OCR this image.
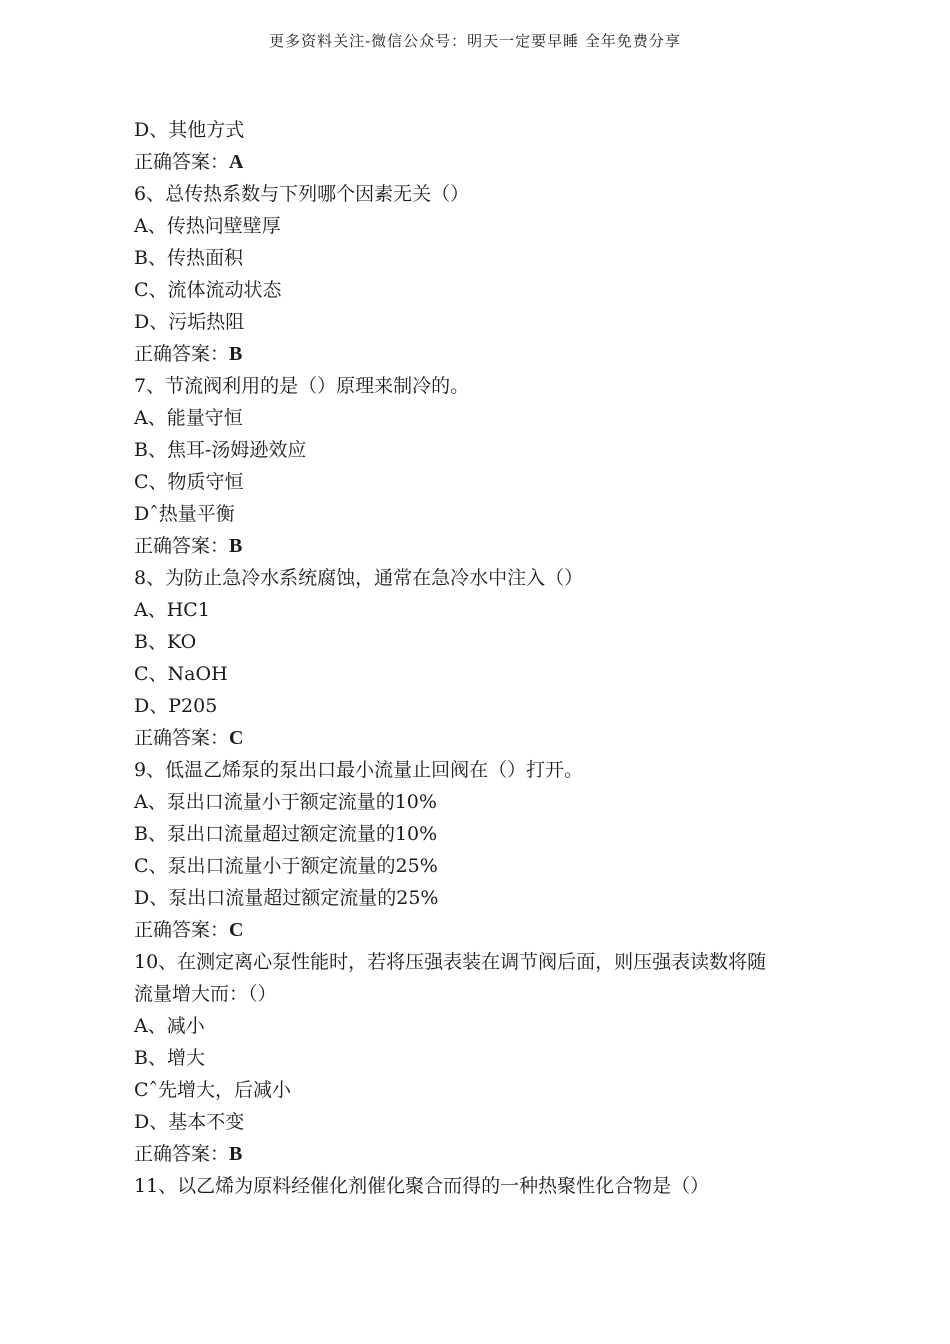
更多资料关注-微信公众号：明天一定要早睡 全年免费分享
D、其他方式
正确答案：A
6、总传热系数与下列哪个因素无关（）
A、传热问壁壁厚
B、传热面积
C、流体流动状态
D、污垢热阻
正确答案：B
7、节流阀利用的是（）原理来制冷的。
A、能量守恒
B、焦耳-汤姆逊效应
C、物质守恒
Dˆ热量平衡
正确答案：B
8、为防止急冷水系统腐蚀，通常在急冷水中注入（）
A、HC1
B、KO
C、NaOH
D、P205
正确答案：C
9、低温乙烯泵的泵出口最小流量止回阀在（）打开。
A、泵出口流量小于额定流量的10%
B、泵出口流量超过额定流量的10%
C、泵出口流量小于额定流量的25%
D、泵出口流量超过额定流量的25%
正确答案：C
10、在测定离心泵性能时，若将压强表装在调节阀后面，则压强表读数将随
流量增大而：（）
A、减小
B、增大
Cˆ先增大，后减小
D、基本不变
正确答案：B
11、以乙烯为原料经催化剂催化聚合而得的一种热聚性化合物是（）
